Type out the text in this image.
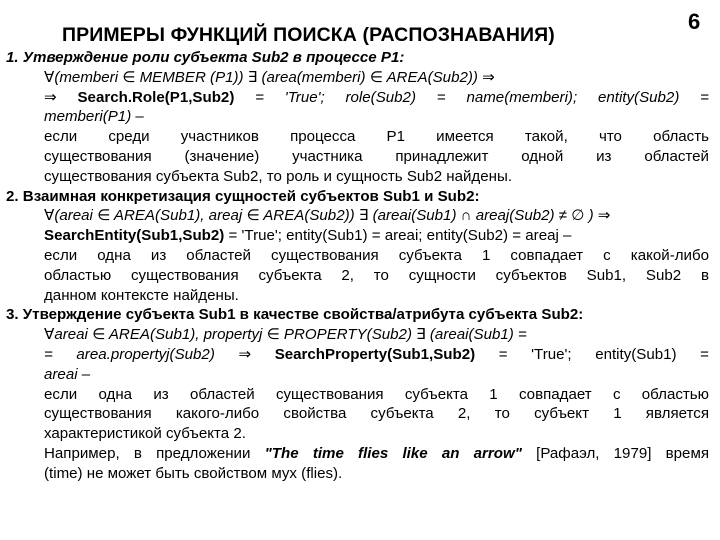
ПРИМЕРЫ ФУНКЦИЙ ПОИСКА (РАСПОЗНАВАНИЯ)
6
1. Утверждение роли субъекта Sub2 в процессе P1:
∀(memberi ∈ MEMBER (P1)) ∃ (area(memberi) ∈ AREA(Sub2)) ⇒
⇒ Search.Role(P1,Sub2) = 'True'; role(Sub2) = name(memberi); entity(Sub2) =
memberi(P1) –
если среди участников процесса P1 имеется такой, что область
существования (значение) участника принадлежит одной из областей
существования субъекта Sub2, то роль и сущность Sub2 найдены.
2. Взаимная конкретизация сущностей субъектов Sub1 и Sub2:
∀(areai ∈ AREA(Sub1), areaj ∈ AREA(Sub2)) ∃ (areai(Sub1) ∩ areaj(Sub2) ≠ ∅ ) ⇒
SearchEntity(Sub1,Sub2) = 'True'; entity(Sub1) = areai; entity(Sub2) = areaj –
если одна из областей существования субъекта 1 совпадает с какой-либо
областью существования субъекта 2, то сущности субъектов Sub1, Sub2 в
данном контексте найдены.
3. Утверждение субъекта Sub1 в качестве свойства/атрибута субъекта Sub2:
∀areai ∈ AREA(Sub1), propertyj ∈ PROPERTY(Sub2) ∃ (areai(Sub1) =
= area.propertyj(Sub2) ⇒ SearchProperty(Sub1,Sub2) = 'True'; entity(Sub1) =
areai –
если одна из областей существования субъекта 1 совпадает с областью
существования какого-либо свойства субъекта 2, то субъект 1 является
характеристикой субъекта 2.
Например, в предложении "The time flies like an arrow" [Рафаэл, 1979] время
(time) не может быть свойством мух (flies).
